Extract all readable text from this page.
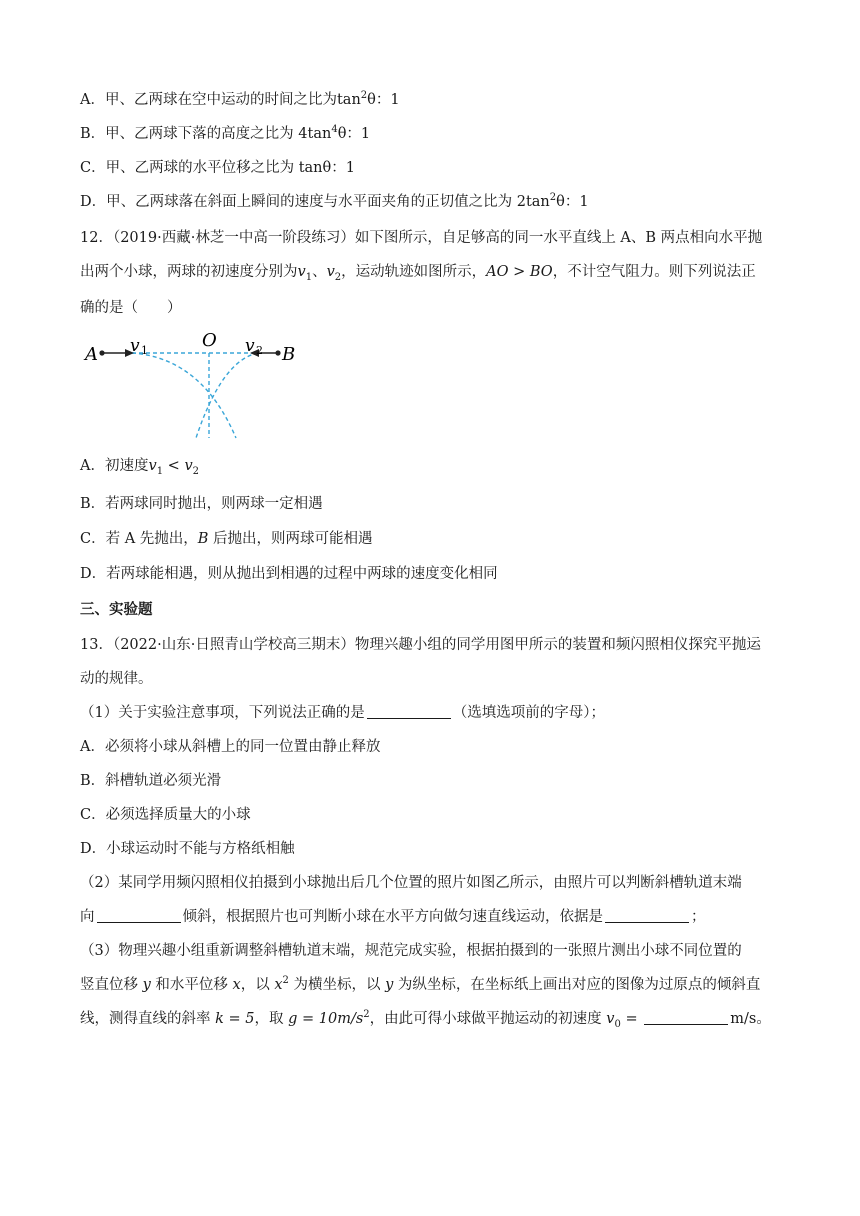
A．甲、乙两球在空中运动的时间之比为$\tan^2\theta$：1
B．甲、乙两球下落的高度之比为 $4\tan^4\theta$：1
C．甲、乙两球的水平位移之比为 tanθ：1
D．甲、乙两球落在斜面上瞬间的速度与水平面夹角的正切值之比为 $2\tan^2\theta$：1
12．（2019·西藏·林芝一中高一阶段练习）如下图所示，自足够高的同一水平直线上 A、B 两点相向水平抛
出两个小球，两球的初速度分别为$v_1$、$v_2$，运动轨迹如图所示，AO > BO，不计空气阻力。则下列说法正
确的是（　　）
A
O
B
v 1	v 2
A．初速度$v_1 < v_2$
B．若两球同时抛出，则两球一定相遇
C．若 A 先抛出，B 后抛出，则两球可能相遇
D．若两球能相遇，则从抛出到相遇的过程中两球的速度变化相同
三、实验题
13．（2022·山东·日照青山学校高三期末）物理兴趣小组的同学用图甲所示的装置和频闪照相仪探究平抛运
动的规律。
（1）关于实验注意事项，下列说法正确的是	（选填选项前的字母）；
A．必须将小球从斜槽上的同一位置由静止释放
B．斜槽轨道必须光滑
C．必须选择质量大的小球
D．小球运动时不能与方格纸相触
（2）某同学用频闪照相仪拍摄到小球抛出后几个位置的照片如图乙所示，由照片可以判断斜槽轨道末端
向	倾斜，根据照片也可判断小球在水平方向做匀速直线运动，依据是	；
（3）物理兴趣小组重新调整斜槽轨道末端，规范完成实验，根据拍摄到的一张照片测出小球不同位置的
竖直位移 y 和水平位移 x，以 $x^2$ 为横坐标，以 y 为纵坐标，在坐标纸上画出对应的图像为过原点的倾斜直
线，测得直线的斜率 k = 5，取 $g = 10m/s^2$，由此可得小球做平抛运动的初速度 $v_0$ =	m/s。
